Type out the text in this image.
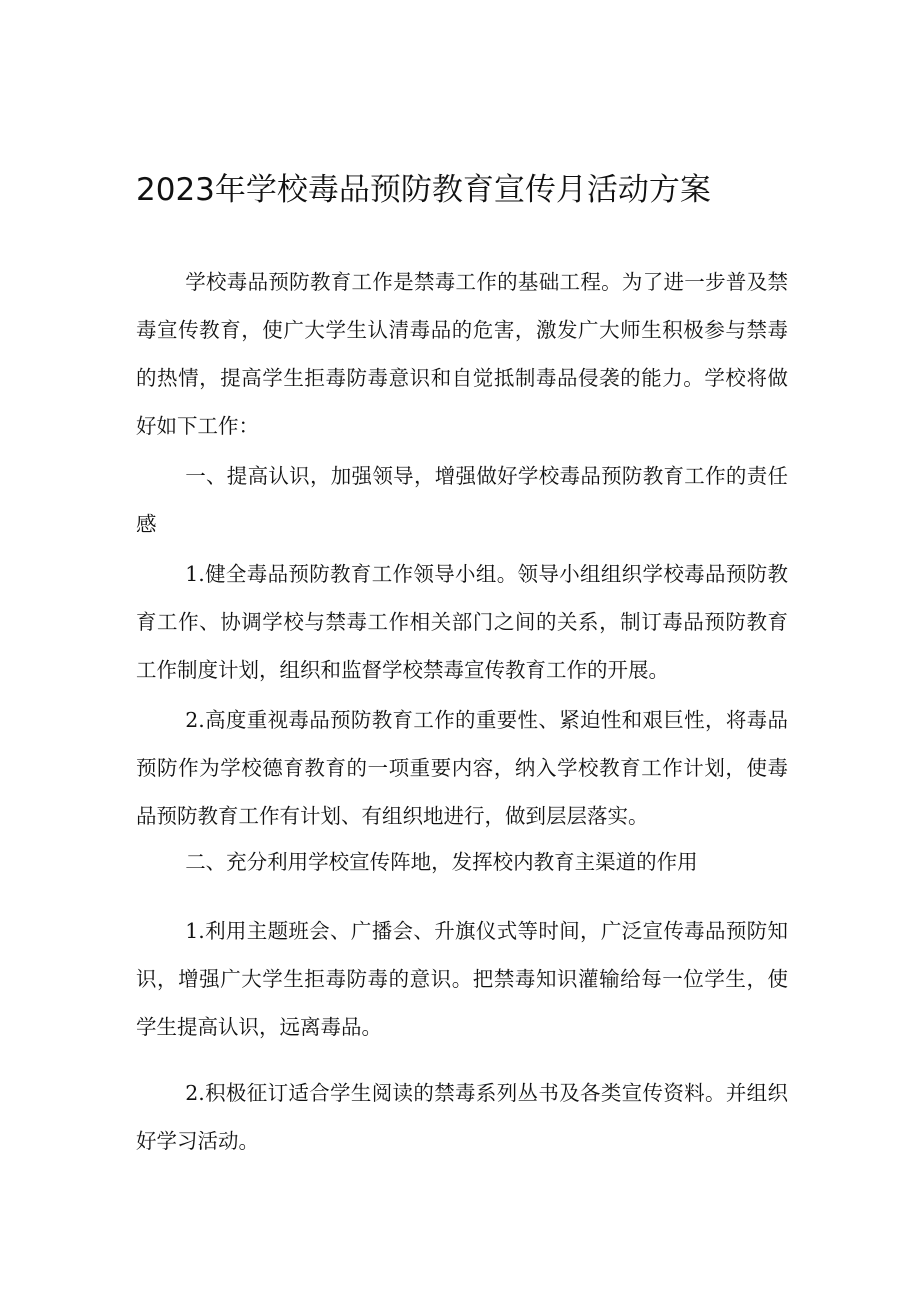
2023年学校毒品预防教育宣传月活动方案

学校毒品预防教育工作是禁毒工作的基础工程。为了进一步普及禁毒宣传教育，使广大学生认清毒品的危害，激发广大师生积极参与禁毒的热情，提高学生拒毒防毒意识和自觉抵制毒品侵袭的能力。学校将做好如下工作：

一、提高认识，加强领导，增强做好学校毒品预防教育工作的责任感

1.健全毒品预防教育工作领导小组。领导小组组织学校毒品预防教育工作、协调学校与禁毒工作相关部门之间的关系，制订毒品预防教育工作制度计划，组织和监督学校禁毒宣传教育工作的开展。

2.高度重视毒品预防教育工作的重要性、紧迫性和艰巨性，将毒品预防作为学校德育教育的一项重要内容，纳入学校教育工作计划，使毒品预防教育工作有计划、有组织地进行，做到层层落实。

二、充分利用学校宣传阵地，发挥校内教育主渠道的作用

1.利用主题班会、广播会、升旗仪式等时间，广泛宣传毒品预防知识，增强广大学生拒毒防毒的意识。把禁毒知识灌输给每一位学生，使学生提高认识，远离毒品。

2.积极征订适合学生阅读的禁毒系列丛书及各类宣传资料。并组织好学习活动。
